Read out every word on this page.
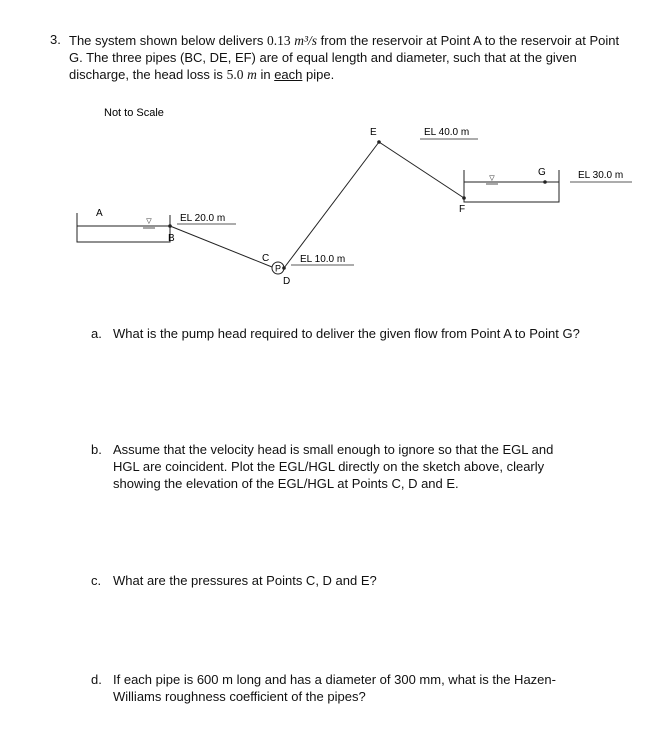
3. The system shown below delivers 0.13 m³/s from the reservoir at Point A to the reservoir at Point G. The three pipes (BC, DE, EF) are of equal length and diameter, such that at the given discharge, the head loss is 5.0 m in each pipe.
Not to Scale
▽
A
B
EL 20.0 m
P
C
D
EL 10.0 m
E	EL 40.0 m
F
▽
G	EL 30.0 m
a. What is the pump head required to deliver the given flow from Point A to Point G?
b. Assume that the velocity head is small enough to ignore so that the EGL and HGL are coincident. Plot the EGL/HGL directly on the sketch above, clearly showing the elevation of the EGL/HGL at Points C, D and E.
c. What are the pressures at Points C, D and E?
d. If each pipe is 600 m long and has a diameter of 300 mm, what is the Hazen-Williams roughness coefficient of the pipes?
